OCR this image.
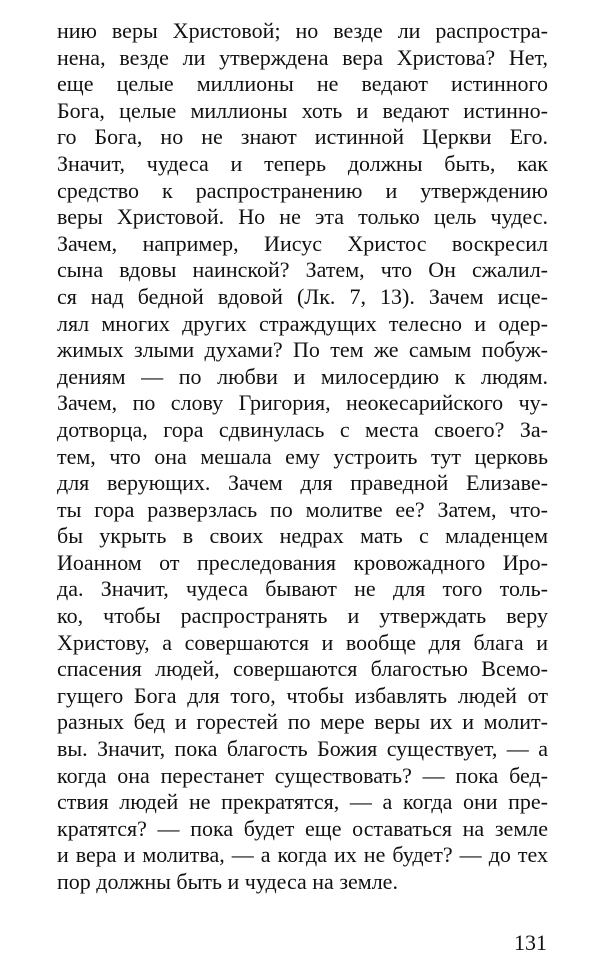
нию веры Христовой; но везде ли распростра-
нена, везде ли утверждена вера Христова? Нет,
еще целые миллионы не ведают истинного
Бога, целые миллионы хоть и ведают истинно-
го Бога, но не знают истинной Церкви Его.
Значит, чудеса и теперь должны быть, как
средство к распространению и утверждению
веры Христовой. Но не эта только цель чудес.
Зачем, например, Иисус Христос воскресил
сына вдовы наинской? Затем, что Он сжалил-
ся над бедной вдовой (Лк. 7, 13). Зачем исце-
лял многих других страждущих телесно и одер-
жимых злыми духами? По тем же самым побуж-
дениям — по любви и милосердию к людям.
Зачем, по слову Григория, неокесарийского чу-
дотворца, гора сдвинулась с места своего? За-
тем, что она мешала ему устроить тут церковь
для верующих. Зачем для праведной Елизаве-
ты гора разверзлась по молитве ее? Затем, что-
бы укрыть в своих недрах мать с младенцем
Иоанном от преследования кровожадного Иро-
да. Значит, чудеса бывают не для того толь-
ко, чтобы распространять и утверждать веру
Христову, а совершаются и вообще для блага и
спасения людей, совершаются благостью Всемо-
гущего Бога для того, чтобы избавлять людей от
разных бед и горестей по мере веры их и молит-
вы. Значит, пока благость Божия существует, — а
когда она перестанет существовать? — пока бед-
ствия людей не прекратятся, — а когда они пре-
кратятся? — пока будет еще оставаться на земле
и вера и молитва, — а когда их не будет? — до тех
пор должны быть и чудеса на земле.
131
